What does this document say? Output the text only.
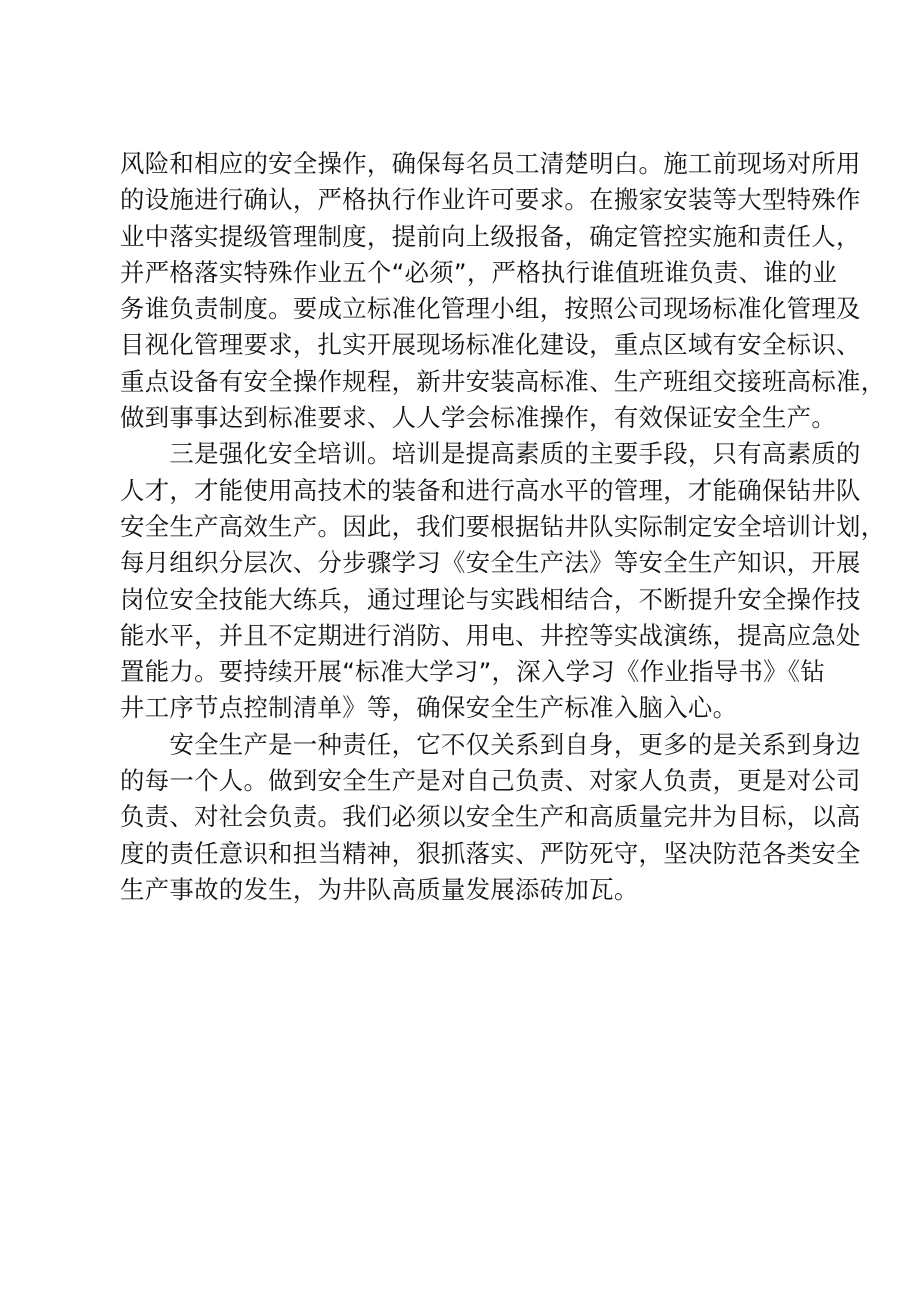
风险和相应的安全操作，确保每名员工清楚明白。施工前现场对所用
的设施进行确认，严格执行作业许可要求。在搬家安装等大型特殊作
业中落实提级管理制度，提前向上级报备，确定管控实施和责任人，
并严格落实特殊作业五个“必须”，严格执行谁值班谁负责、谁的业
务谁负责制度。要成立标准化管理小组，按照公司现场标准化管理及
目视化管理要求，扎实开展现场标准化建设，重点区域有安全标识、
重点设备有安全操作规程，新井安装高标准、生产班组交接班高标准，
做到事事达到标准要求、人人学会标准操作，有效保证安全生产。
　　三是强化安全培训。培训是提高素质的主要手段，只有高素质的
人才，才能使用高技术的装备和进行高水平的管理，才能确保钻井队
安全生产高效生产。因此，我们要根据钻井队实际制定安全培训计划，
每月组织分层次、分步骤学习《安全生产法》等安全生产知识，开展
岗位安全技能大练兵，通过理论与实践相结合，不断提升安全操作技
能水平，并且不定期进行消防、用电、井控等实战演练，提高应急处
置能力。要持续开展“标准大学习”，深入学习《作业指导书》《钻
井工序节点控制清单》等，确保安全生产标准入脑入心。
　　安全生产是一种责任，它不仅关系到自身，更多的是关系到身边
的每一个人。做到安全生产是对自己负责、对家人负责，更是对公司
负责、对社会负责。我们必须以安全生产和高质量完井为目标，以高
度的责任意识和担当精神，狠抓落实、严防死守，坚决防范各类安全
生产事故的发生，为井队高质量发展添砖加瓦。
